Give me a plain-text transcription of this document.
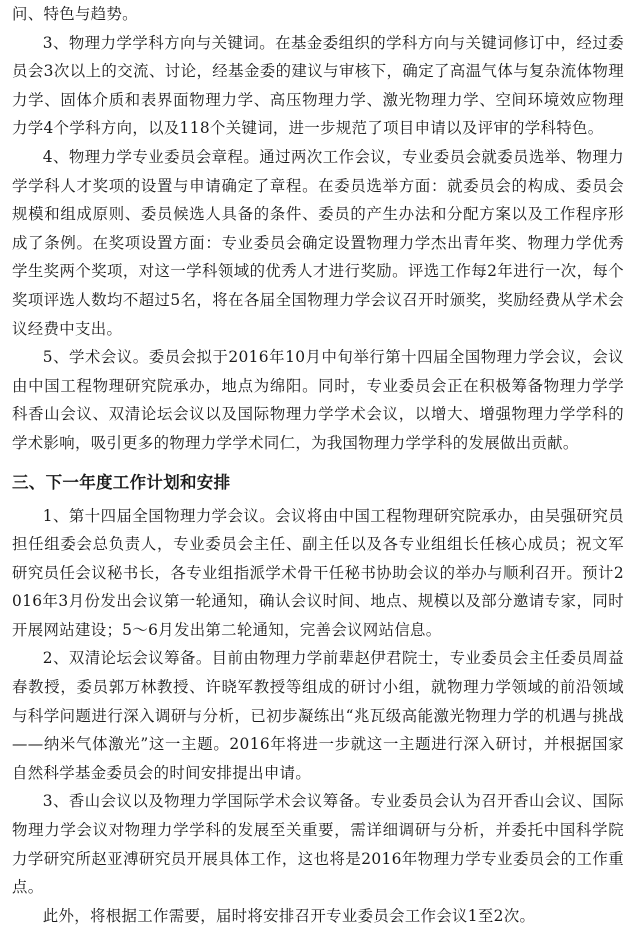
问、特色与趋势。

3、物理力学学科方向与关键词。在基金委组织的学科方向与关键词修订中，经过委员会3次以上的交流、讨论，经基金委的建议与审核下，确定了高温气体与复杂流体物理力学、固体介质和表界面物理力学、高压物理力学、激光物理力学、空间环境效应物理力学4个学科方向，以及118个关键词，进一步规范了项目申请以及评审的学科特色。

4、物理力学专业委员会章程。通过两次工作会议，专业委员会就委员选举、物理力学学科人才奖项的设置与申请确定了章程。在委员选举方面：就委员会的构成、委员会规模和组成原则、委员候选人具备的条件、委员的产生办法和分配方案以及工作程序形成了条例。在奖项设置方面：专业委员会确定设置物理力学杰出青年奖、物理力学优秀学生奖两个奖项，对这一学科领域的优秀人才进行奖励。评选工作每2年进行一次，每个奖项评选人数均不超过5名，将在各届全国物理力学会议召开时颁奖，奖励经费从学术会议经费中支出。

5、学术会议。委员会拟于2016年10月中旬举行第十四届全国物理力学会议，会议由中国工程物理研究院承办，地点为绵阳。同时，专业委员会正在积极筹备物理力学学科香山会议、双清论坛会议以及国际物理力学学术会议，以增大、增强物理力学学科的学术影响，吸引更多的物理力学学术同仁，为我国物理力学学科的发展做出贡献。

三、下一年度工作计划和安排

1、第十四届全国物理力学会议。会议将由中国工程物理研究院承办，由吴强研究员担任组委会总负责人，专业委员会主任、副主任以及各专业组组长任核心成员；祝文军研究员任会议秘书长，各专业组指派学术骨干任秘书协助会议的举办与顺利召开。预计2016年3月份发出会议第一轮通知，确认会议时间、地点、规模以及部分邀请专家，同时开展网站建设；5～6月发出第二轮通知，完善会议网站信息。

2、双清论坛会议筹备。目前由物理力学前辈赵伊君院士，专业委员会主任委员周益春教授，委员郭万林教授、许晓军教授等组成的研讨小组，就物理力学领域的前沿领域与科学问题进行深入调研与分析，已初步凝练出“兆瓦级高能激光物理力学的机遇与挑战——纳米气体激光”这一主题。2016年将进一步就这一主题进行深入研讨，并根据国家自然科学基金委员会的时间安排提出申请。

3、香山会议以及物理力学国际学术会议筹备。专业委员会认为召开香山会议、国际物理力学会议对物理力学学科的发展至关重要，需详细调研与分析，并委托中国科学院力学研究所赵亚溥研究员开展具体工作，这也将是2016年物理力学专业委员会的工作重点。

此外，将根据工作需要，届时将安排召开专业委员会工作会议1至2次。
